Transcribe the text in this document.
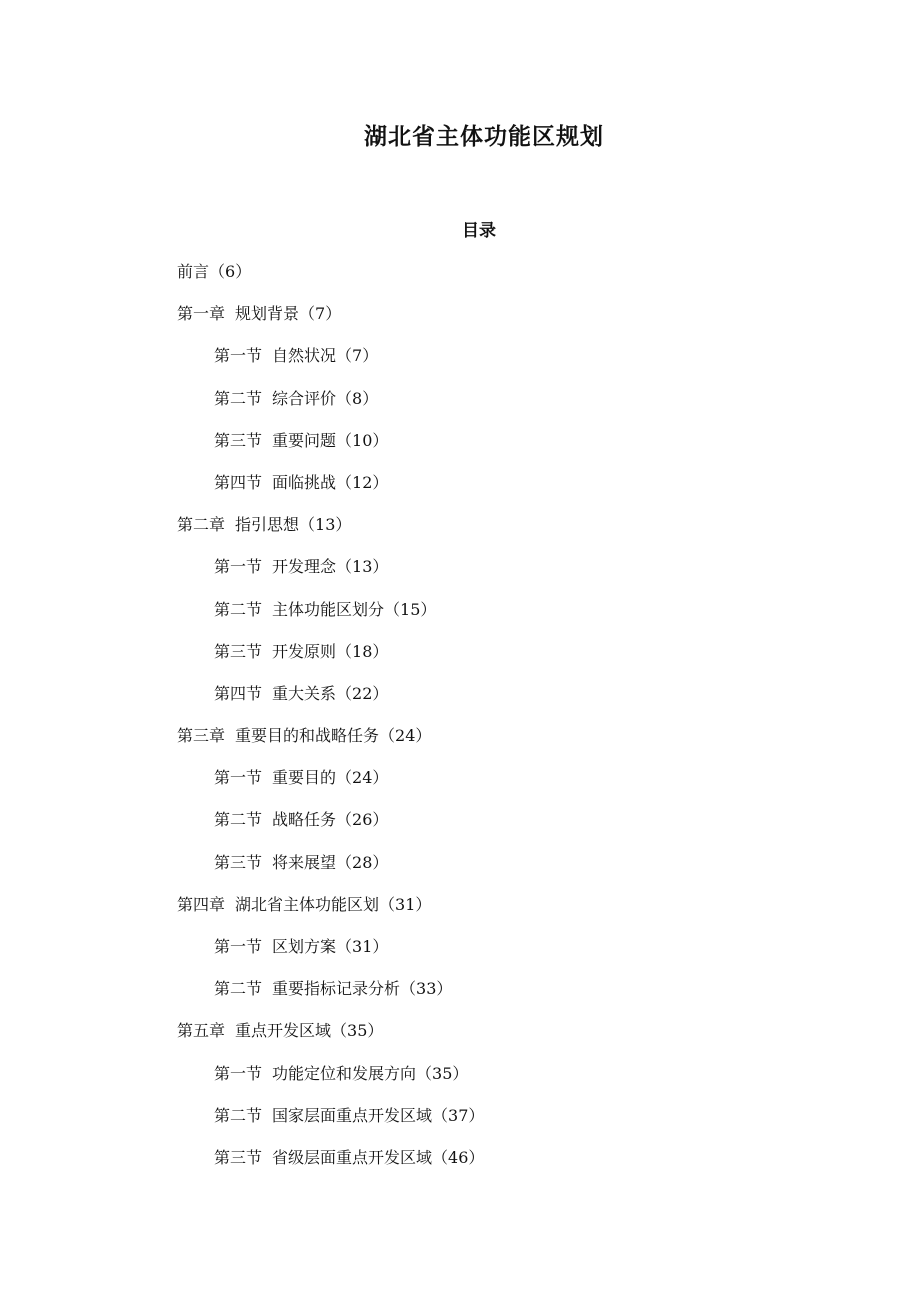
湖北省主体功能区规划
目录
前言（6）
第一章 规划背景（7）
第一节 自然状况（7）
第二节 综合评价（8）
第三节 重要问题（10）
第四节 面临挑战（12）
第二章 指引思想（13）
第一节 开发理念（13）
第二节 主体功能区划分（15）
第三节 开发原则（18）
第四节 重大关系（22）
第三章 重要目的和战略任务（24）
第一节 重要目的（24）
第二节 战略任务（26）
第三节 将来展望（28）
第四章 湖北省主体功能区划（31）
第一节 区划方案（31）
第二节 重要指标记录分析（33）
第五章 重点开发区域（35）
第一节 功能定位和发展方向（35）
第二节 国家层面重点开发区域（37）
第三节 省级层面重点开发区域（46）
